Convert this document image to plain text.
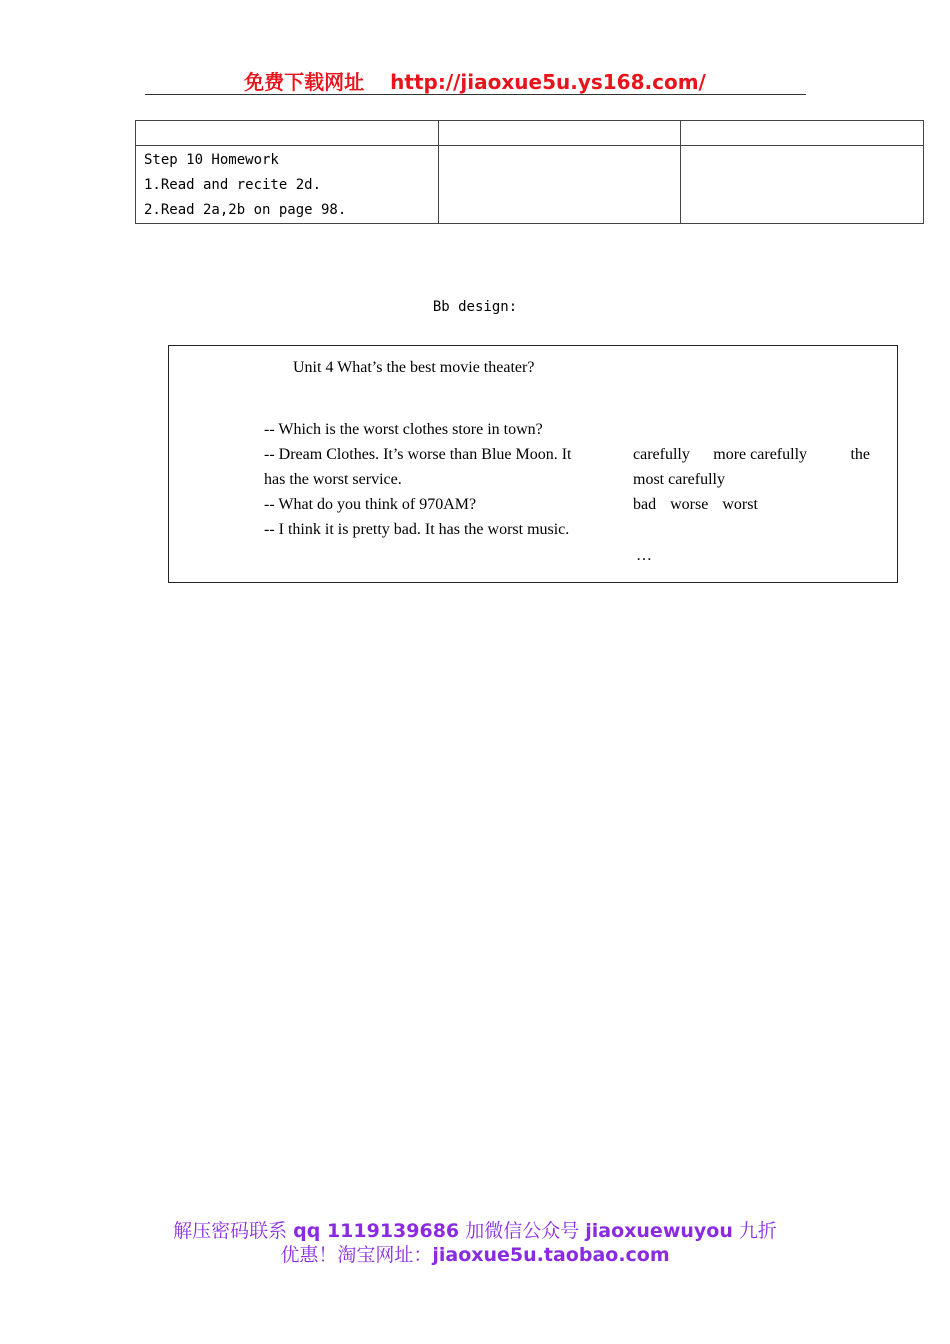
免费下载网址 http://jiaoxue5u.ys168.com/

Step 10 Homework
1.Read and recite 2d.
2.Read 2a,2b on page 98.		

Bb design:
Unit 4 What’s the best movie theater?
-- Which is the worst clothes store in town?
-- Dream Clothes. It’s worse than Blue Moon. It
has the worst service.
-- What do you think of 970AM?
-- I think it is pretty bad. It has the worst music.
carefully more carefully	the
most carefully
bad worse worst
…
解压密码联系 qq 1119139686 加微信公众号 jiaoxuewuyou 九折
优惠！淘宝网址：jiaoxue5u.taobao.com
